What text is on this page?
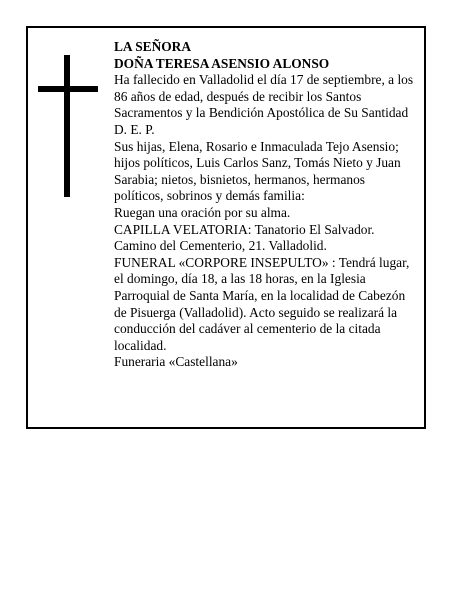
LA SEÑORA
DOÑA TERESA ASENSIO ALONSO
Ha fallecido en Valladolid el día 17 de septiembre, a los
86 años de edad, después de recibir los Santos
Sacramentos y la Bendición Apostólica de Su Santidad
D. E. P.
Sus hijas, Elena, Rosario e Inmaculada Tejo Asensio;
hijos políticos, Luis Carlos Sanz, Tomás Nieto y Juan
Sarabia; nietos, bisnietos, hermanos, hermanos
políticos, sobrinos y demás familia:
Ruegan una oración por su alma.
CAPILLA VELATORIA: Tanatorio El Salvador.
Camino del Cementerio, 21. Valladolid.
FUNERAL «CORPORE INSEPULTO» : Tendrá lugar,
el domingo, día 18, a las 18 horas, en la Iglesia
Parroquial de Santa María, en la localidad de Cabezón
de Pisuerga (Valladolid). Acto seguido se realizará la
conducción del cadáver al cementerio de la citada
localidad.
Funeraria «Castellana»
